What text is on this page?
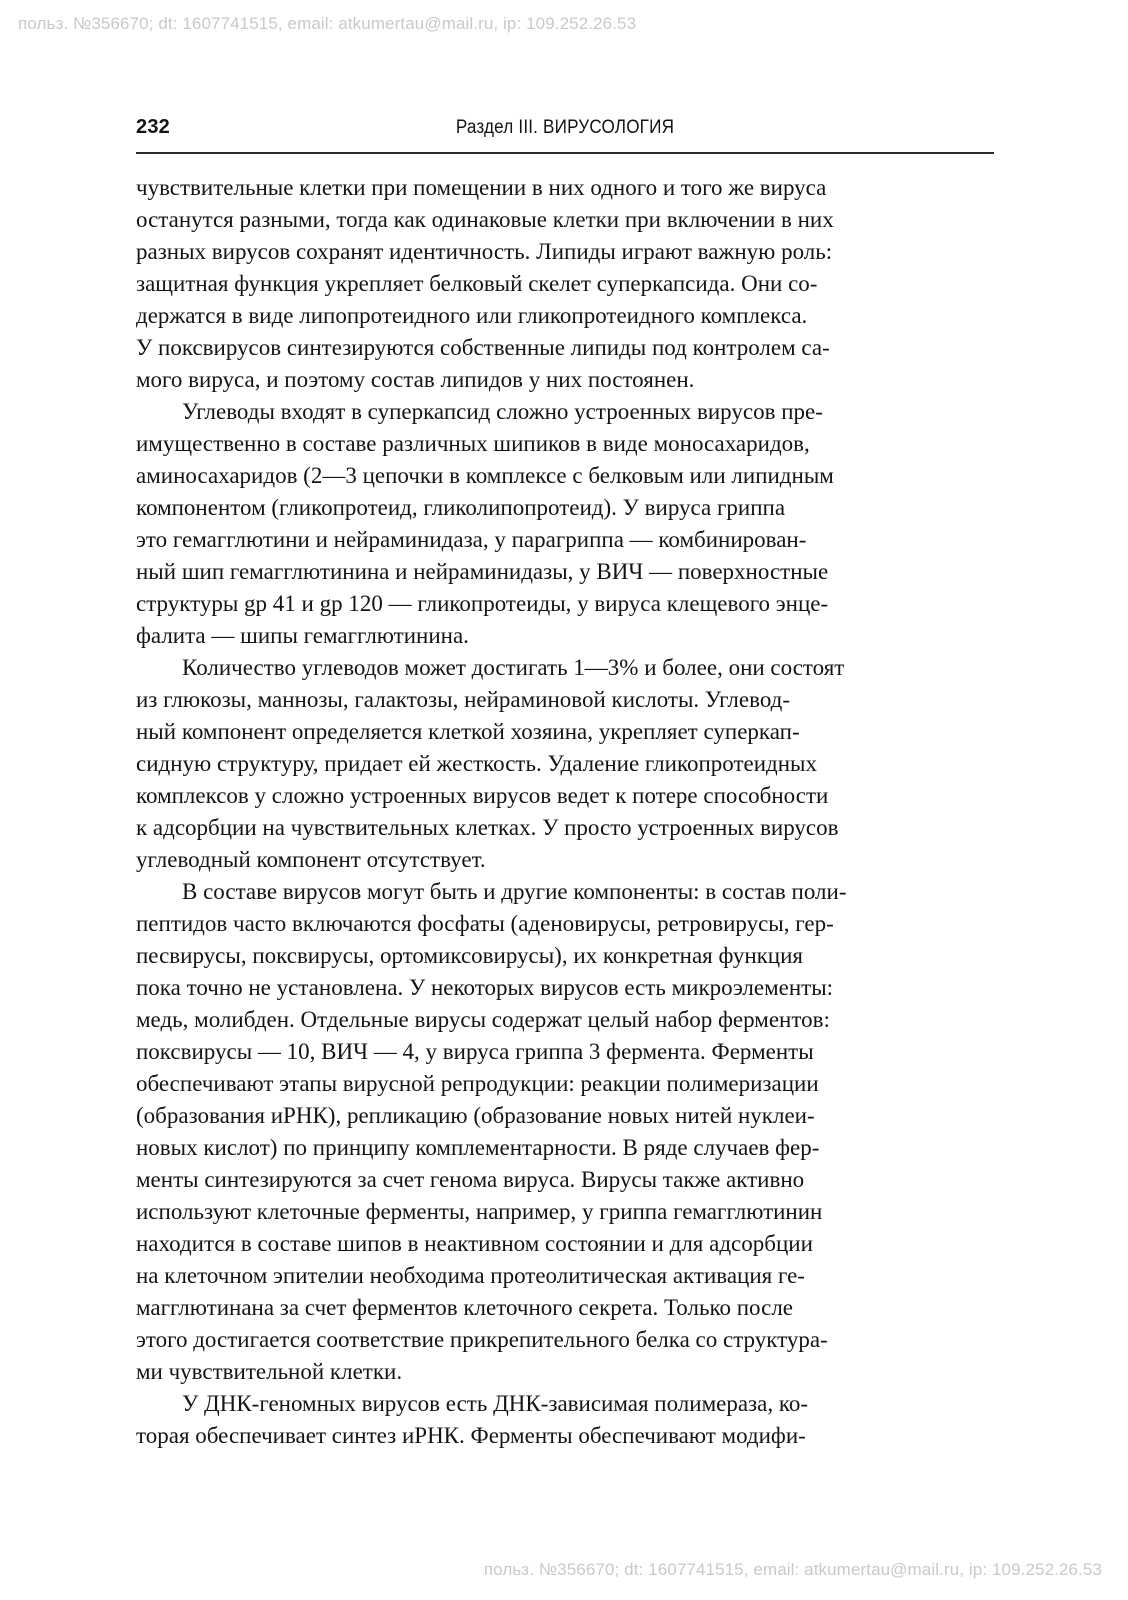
польз. №356670; dt: 1607741515, email: atkumertau@mail.ru, ip: 109.252.26.53
232	Раздел III. ВИРУСОЛОГИЯ

чувствительные клетки при помещении в них одного и того же вируса
останутся разными, тогда как одинаковые клетки при включении в них
разных вирусов сохранят идентичность. Липиды играют важную роль:
защитная функция укрепляет белковый скелет суперкапсида. Они со-
держатся в виде липопротеидного или гликопротеидного комплекса.
У поксвирусов синтезируются собственные липиды под контролем са-
мого вируса, и поэтому состав липидов у них постоянен.

Углеводы входят в суперкапсид сложно устроенных вирусов пре-
имущественно в составе различных шипиков в виде моносахаридов,
аминосахаридов (2—3 цепочки в комплексе с белковым или липидным
компонентом (гликопротеид, гликолипопротеид). У вируса гриппа
это гемагглютини и нейраминидаза, у парагриппа — комбинирован-
ный шип гемагглютинина и нейраминидазы, у ВИЧ — поверхностные
структуры gp 41 и gp 120 — гликопротеиды, у вируса клещевого энце-
фалита — шипы гемагглютинина.

Количество углеводов может достигать 1—3% и более, они состоят
из глюкозы, маннозы, галактозы, нейраминовой кислоты. Углевод-
ный компонент определяется клеткой хозяина, укрепляет суперкап-
сидную структуру, придает ей жесткость. Удаление гликопротеидных
комплексов у сложно устроенных вирусов ведет к потере способности
к адсорбции на чувствительных клетках. У просто устроенных вирусов
углеводный компонент отсутствует.

В составе вирусов могут быть и другие компоненты: в состав поли-
пептидов часто включаются фосфаты (аденовирусы, ретровирусы, гер-
песвирусы, поксвирусы, ортомиксовирусы), их конкретная функция
пока точно не установлена. У некоторых вирусов есть микроэлементы:
медь, молибден. Отдельные вирусы содержат целый набор ферментов:
поксвирусы — 10, ВИЧ — 4, у вируса гриппа 3 фермента. Ферменты
обеспечивают этапы вирусной репродукции: реакции полимеризации
(образования иРНК), репликацию (образование новых нитей нуклеи-
новых кислот) по принципу комплементарности. В ряде случаев фер-
менты синтезируются за счет генома вируса. Вирусы также активно
используют клеточные ферменты, например, у гриппа гемагглютинин
находится в составе шипов в неактивном состоянии и для адсорбции
на клеточном эпителии необходима протеолитическая активация ге-
магглютинана за счет ферментов клеточного секрета. Только после
этого достигается соответствие прикрепительного белка со структура-
ми чувствительной клетки.

У ДНК-геномных вирусов есть ДНК-зависимая полимераза, ко-
торая обеспечивает синтез иРНК. Ферменты обеспечивают модифи-

польз. №356670; dt: 1607741515, email: atkumertau@mail.ru, ip: 109.252.26.53
